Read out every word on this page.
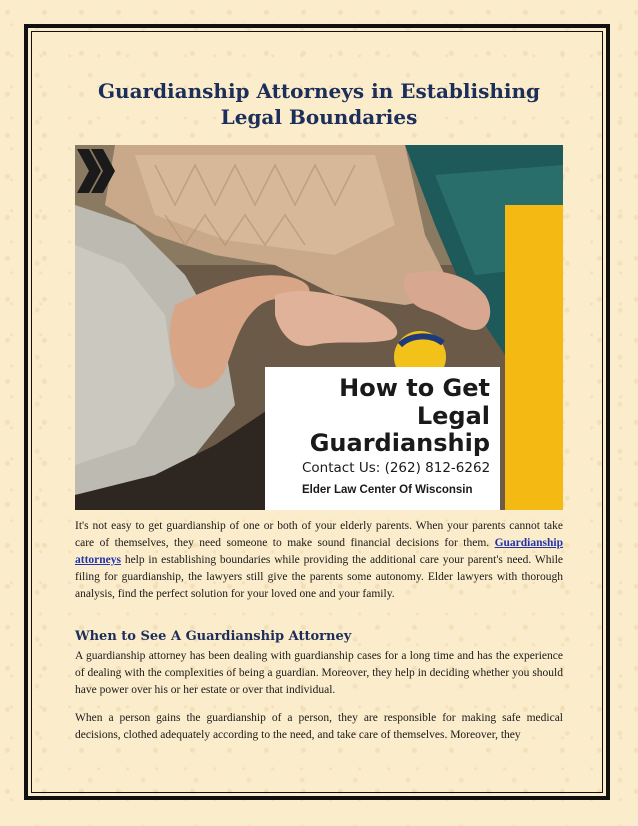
Guardianship Attorneys in Establishing Legal Boundaries
How to Get
Legal
Guardianship
Contact Us: (262) 812-6262
Elder Law Center Of Wisconsin

It's not easy to get guardianship of one or both of your elderly parents. When your parents cannot take care of themselves, they need someone to make sound financial decisions for them. Guardianship attorneys help in establishing boundaries while providing the additional care your parent's need. While filing for guardianship, the lawyers still give the parents some autonomy. Elder lawyers with thorough analysis, find the perfect solution for your loved one and your family.

When to See A Guardianship Attorney

A guardianship attorney has been dealing with guardianship cases for a long time and has the experience of dealing with the complexities of being a guardian. Moreover, they help in deciding whether you should have power over his or her estate or over that individual.

When a person gains the guardianship of a person, they are responsible for making safe medical decisions, clothed adequately according to the need, and take care of themselves. Moreover, they
